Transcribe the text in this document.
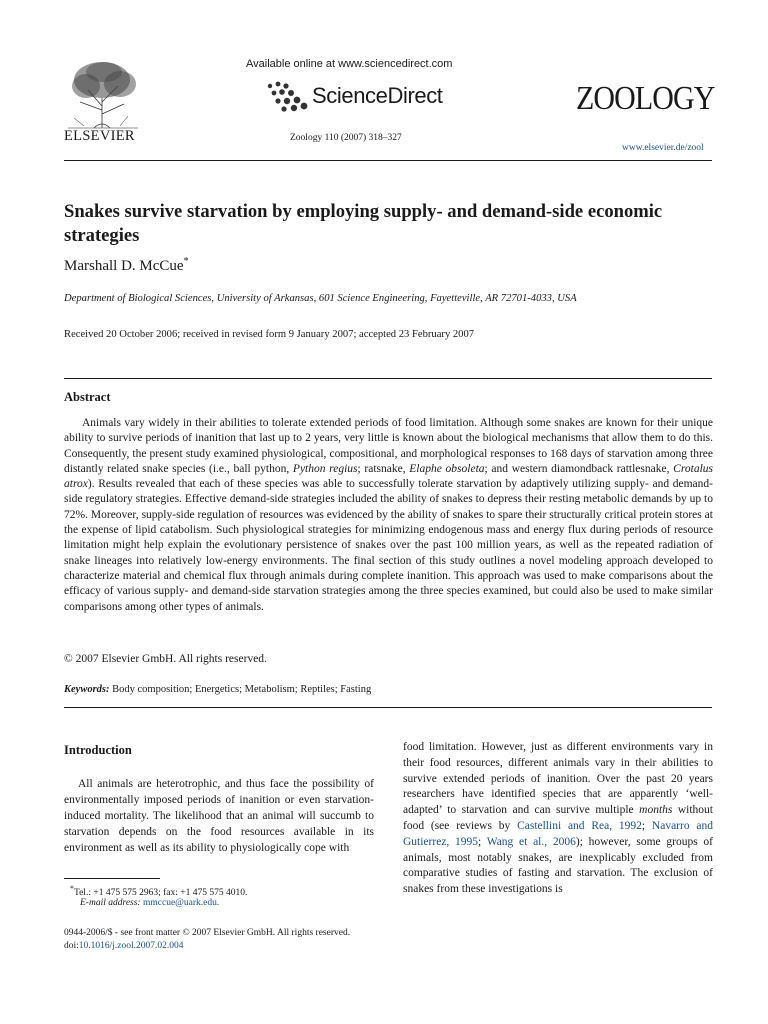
ELSEVIER
Available online at www.sciencedirect.com
ScienceDirect
Zoology 110 (2007) 318–327
ZOOLOGY
www.elsevier.de/zool
Snakes survive starvation by employing supply- and demand-side economic strategies
Marshall D. McCue*
Department of Biological Sciences, University of Arkansas, 601 Science Engineering, Fayetteville, AR 72701-4033, USA
Received 20 October 2006; received in revised form 9 January 2007; accepted 23 February 2007
Abstract
Animals vary widely in their abilities to tolerate extended periods of food limitation. Although some snakes are known for their unique ability to survive periods of inanition that last up to 2 years, very little is known about the biological mechanisms that allow them to do this. Consequently, the present study examined physiological, compositional, and morphological responses to 168 days of starvation among three distantly related snake species (i.e., ball python, Python regius; ratsnake, Elaphe obsoleta; and western diamondback rattlesnake, Crotalus atrox). Results revealed that each of these species was able to successfully tolerate starvation by adaptively utilizing supply- and demand-side regulatory strategies. Effective demand-side strategies included the ability of snakes to depress their resting metabolic demands by up to 72%. Moreover, supply-side regulation of resources was evidenced by the ability of snakes to spare their structurally critical protein stores at the expense of lipid catabolism. Such physiological strategies for minimizing endogenous mass and energy flux during periods of resource limitation might help explain the evolutionary persistence of snakes over the past 100 million years, as well as the repeated radiation of snake lineages into relatively low-energy environments. The final section of this study outlines a novel modeling approach developed to characterize material and chemical flux through animals during complete inanition. This approach was used to make comparisons about the efficacy of various supply- and demand-side starvation strategies among the three species examined, but could also be used to make similar comparisons among other types of animals.
© 2007 Elsevier GmbH. All rights reserved.
Keywords: Body composition; Energetics; Metabolism; Reptiles; Fasting
Introduction
All animals are heterotrophic, and thus face the possibility of environmentally imposed periods of inanition or even starvation-induced mortality. The likelihood that an animal will succumb to starvation depends on the food resources available in its environment as well as its ability to physiologically cope with
food limitation. However, just as different environments vary in their food resources, different animals vary in their abilities to survive extended periods of inanition. Over the past 20 years researchers have identified species that are apparently ‘well-adapted’ to starvation and can survive multiple months without food (see reviews by Castellini and Rea, 1992; Navarro and Gutierrez, 1995; Wang et al., 2006); however, some groups of animals, most notably snakes, are inexplicably excluded from comparative studies of fasting and starvation. The exclusion of snakes from these investigations is
*Tel.: +1 475 575 2963; fax: +1 475 575 4010.
E-mail address: mmccue@uark.edu.
0944-2006/$ - see front matter © 2007 Elsevier GmbH. All rights reserved.
doi:10.1016/j.zool.2007.02.004
